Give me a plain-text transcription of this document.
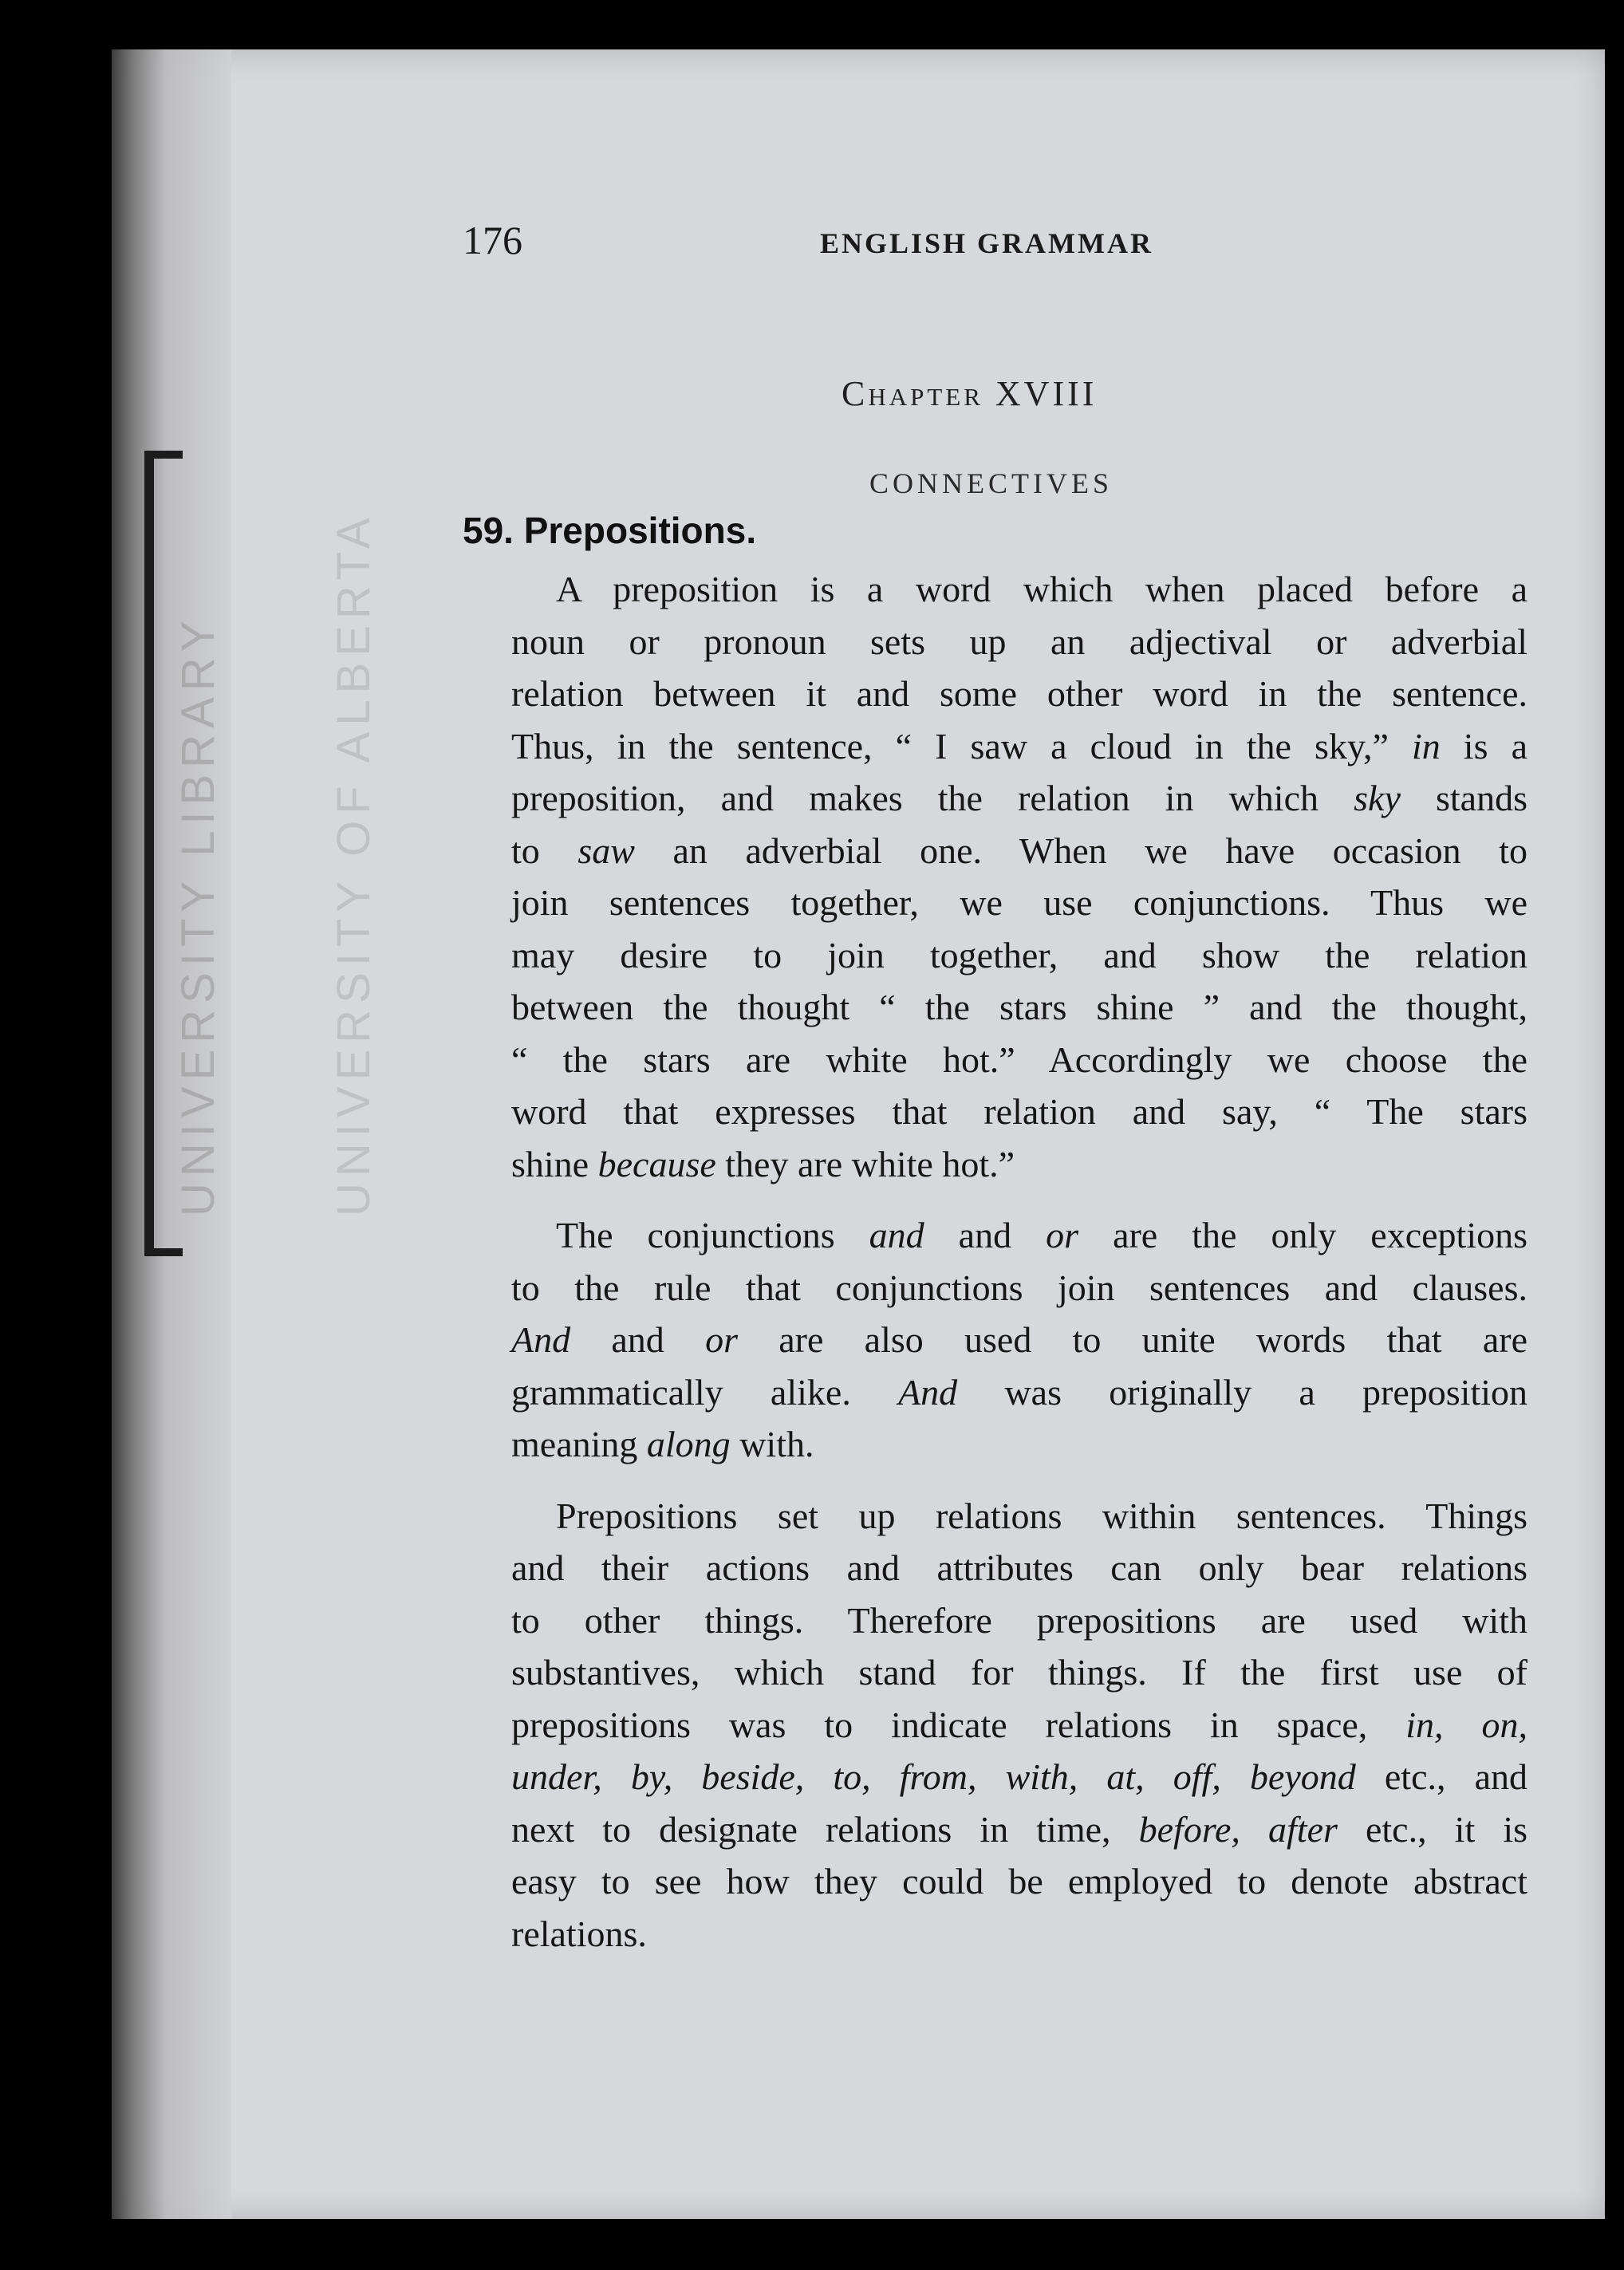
UNIVERSITY LIBRARY UNIVERSITY OF ALBERTA
176	ENGLISH GRAMMAR
Chapter XVIII
CONNECTIVES
59. Prepositions.
A preposition is a word which when placed before a
noun or pronoun sets up an adjectival or adverbial
relation between it and some other word in the sentence.
Thus, in the sentence, “ I saw a cloud in the sky,” in is a
preposition, and makes the relation in which sky stands
to saw an adverbial one. When we have occasion to
join sentences together, we use conjunctions. Thus we
may desire to join together, and show the relation
between the thought “ the stars shine ” and the thought,
“ the stars are white hot.” Accordingly we choose the
word that expresses that relation and say, “ The stars
shine because they are white hot.”
The conjunctions and and or are the only exceptions
to the rule that conjunctions join sentences and clauses.
And and or are also used to unite words that are
grammatically alike. And was originally a preposition
meaning along with.
Prepositions set up relations within sentences. Things
and their actions and attributes can only bear relations
to other things. Therefore prepositions are used with
substantives, which stand for things. If the first use of
prepositions was to indicate relations in space, in, on,
under, by, beside, to, from, with, at, off, beyond etc., and
next to designate relations in time, before, after etc., it is
easy to see how they could be employed to denote abstract
relations.
